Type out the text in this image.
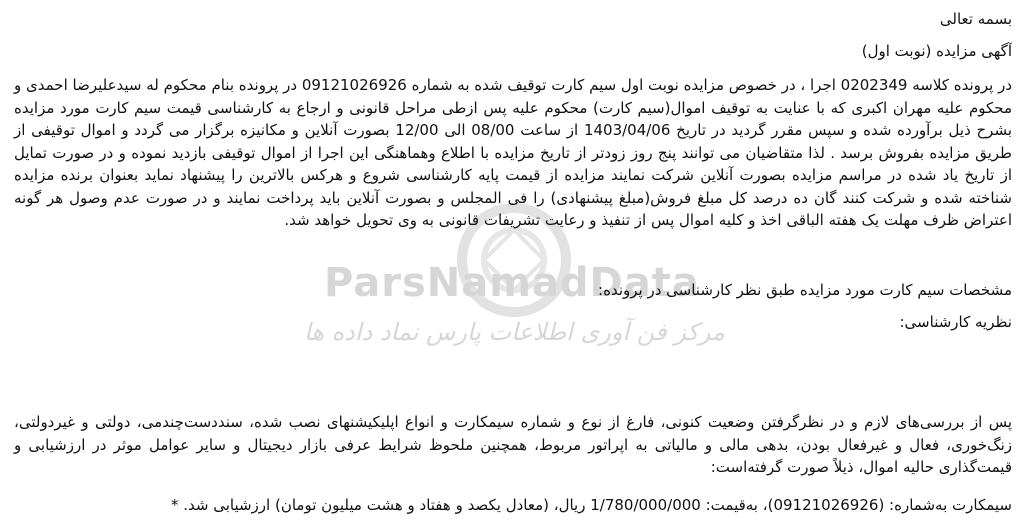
ParsNamadData
مرکز فن آوری اطلاعات پارس نماد داده ها
بسمه تعالی
آگهی مزایده (نوبت اول)
در پرونده کلاسه 0202349 اجرا ، در خصوص مزایده نوبت اول سیم کارت توقیف شده به شماره 09121026926 در پرونده بنام محکوم له سیدعلیرضا احمدی و محکوم علیه مهران اکبری که با عنایت به توقیف اموال(سیم کارت) محکوم علیه پس ازطی مراحل قانونی و ارجاع به کارشناسی قیمت سیم کارت مورد مزایده بشرح ذیل برآورده شده و سپس مقرر گردید در تاریخ 1403/04/06 از ساعت 08/00 الی 12/00 بصورت آنلاین و مکانیزه برگزار می گردد و اموال توقیفی از طریق مزایده بفروش برسد . لذا متقاضیان می توانند پنج روز زودتر از تاریخ مزایده با اطلاع وهماهنگی این اجرا از اموال توقیفی بازدید نموده و در صورت تمایل از تاریخ یاد شده در مراسم مزایده بصورت آنلاین شرکت نمایند مزایده از قیمت پایه کارشناسی شروع و هرکس بالاترین را پیشنهاد نماید بعنوان برنده مزایده شناخته شده و شرکت کنند گان ده درصد کل مبلغ فروش(مبلغ پیشنهادی) را فی المجلس و بصورت آنلاین باید پرداخت نمایند و در صورت عدم وصول هر گونه اعتراض ظرف مهلت یک هفته الباقی اخذ و کلیه اموال پس از تنفیذ و رعایت تشریفات قانونی به وی تحویل خواهد شد.
مشخصات سیم کارت مورد مزایده طبق نظر کارشناسی در پرونده:
نظریه کارشناسی:
پس از بررسی‌های لازم و در نظرگرفتن وضعیت کنونی، فارغ از نوع و شماره سیمکارت و انواع اپلیکیشنهای نصب شده، سنددست‌چندمی، دولتی و غیردولتی، زنگ‌خوری، فعال و غیرفعال بودن، بدهی مالی و مالیاتی به اپراتور مربوط، همچنین ملحوظ شرایط عرفی بازار دیجیتال و سایر عوامل موثر در ارزشیابی و قیمت‌گذاری حالیه اموال، ذیلاً صورت گرفته‌است:
سیمکارت به‌شماره: (09121026926)، به‌قیمت: 1/780/000/000 ریال، (معادل یکصد و هفتاد و هشت میلیون تومان) ارزشیابی شد. *
